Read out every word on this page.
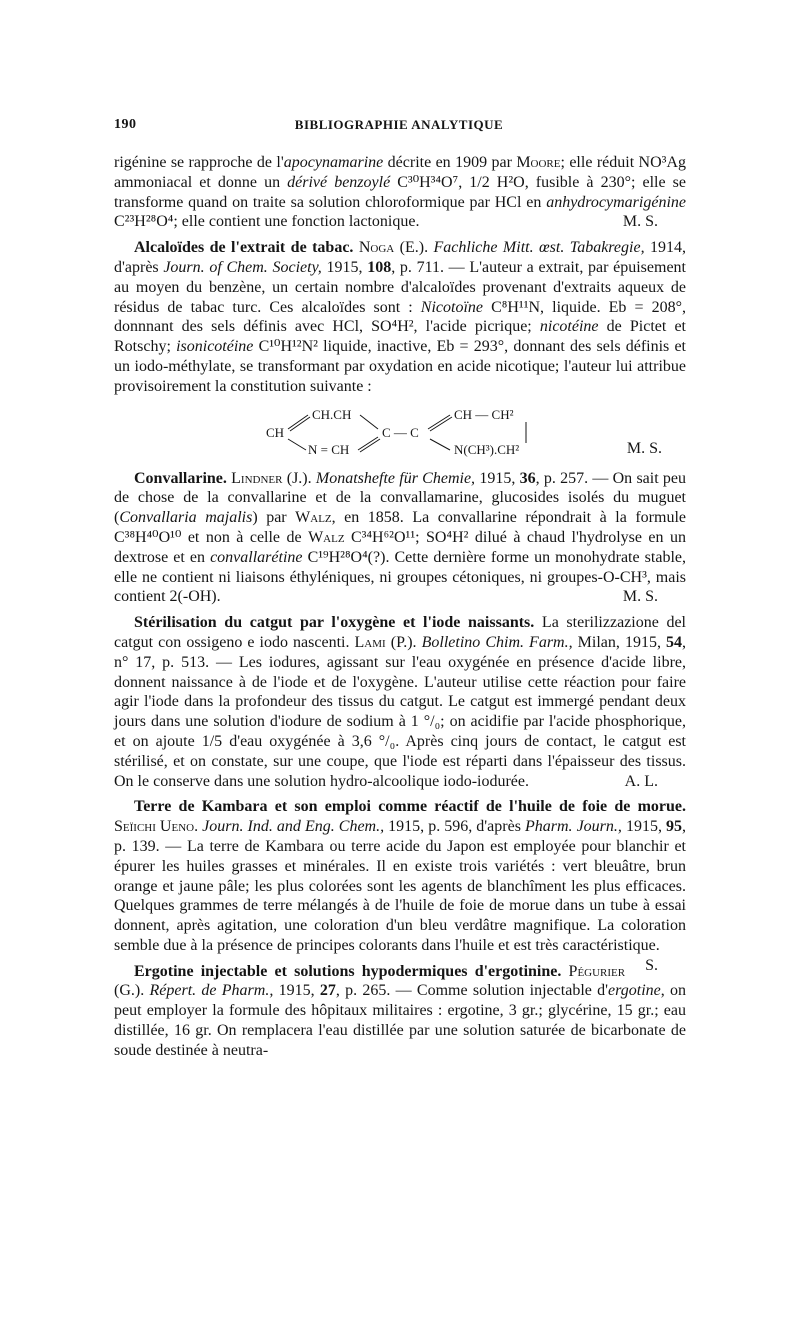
190	BIBLIOGRAPHIE ANALYTIQUE

rigénine se rapproche de l'apocynamarine décrite en 1909 par Moore; elle réduit NO³Ag ammoniacal et donne un dérivé benzoylé C³⁰H³⁴O⁷, 1/2 H²O, fusible à 230°; elle se transforme quand on traite sa solution chloroformique par HCl en anhydrocymarigénine C²³H²⁸O⁴; elle contient une fonction lactonique.	M. S.

Alcaloïdes de l'extrait de tabac. Noga (E.). Fachliche Mitt. œst. Tabakregie, 1914, d'après Journ. of Chem. Society, 1915, 108, p. 711. — L'auteur a extrait, par épuisement au moyen du benzène, un certain nombre d'alcaloïdes provenant d'extraits aqueux de résidus de tabac turc. Ces alcaloïdes sont : Nicotoïne C⁸H¹¹N, liquide. Eb = 208°, donnnant des sels définis avec HCl, SO⁴H², l'acide picrique; nicotéine de Pictet et Rotschy; isonicotéine C¹⁰H¹²N² liquide, inactive, Eb = 293°, donnant des sels définis et un iodo-méthylate, se transformant par oxydation en acide nicotique; l'auteur lui attribue provisoirement la constitution suivante :

CH
CH.CH
N = CH
C — C
CH — CH²
N(CH³).CH²	M. S.

Convallarine. Lindner (J.). Monatshefte für Chemie, 1915, 36, p. 257. — On sait peu de chose de la convallarine et de la convallamarine, glucosides isolés du muguet (Convallaria majalis) par Walz, en 1858. La convallarine répondrait à la formule C³⁸H⁴⁰O¹⁰ et non à celle de Walz C³⁴H⁶²O¹¹; SO⁴H² dilué à chaud l'hydrolyse en un dextrose et en convallarétine C¹⁹H²⁸O⁴(?). Cette dernière forme un monohydrate stable, elle ne contient ni liaisons éthyléniques, ni groupes cétoniques, ni groupes-O-CH³, mais contient 2(-OH).	M. S.

Stérilisation du catgut par l'oxygène et l'iode naissants. La sterilizzazione del catgut con ossigeno e iodo nascenti. Lami (P.). Bolletino Chim. Farm., Milan, 1915, 54, n° 17, p. 513. — Les iodures, agissant sur l'eau oxygénée en présence d'acide libre, donnent naissance à de l'iode et de l'oxygène. L'auteur utilise cette réaction pour faire agir l'iode dans la profondeur des tissus du catgut. Le catgut est immergé pendant deux jours dans une solution d'iodure de sodium à 1 °/₀; on acidifie par l'acide phosphorique, et on ajoute 1/5 d'eau oxygénée à 3,6 °/₀. Après cinq jours de contact, le catgut est stérilisé, et on constate, sur une coupe, que l'iode est réparti dans l'épaisseur des tissus. On le conserve dans une solution hydro-alcoolique iodo-iodurée.	A. L.

Terre de Kambara et son emploi comme réactif de l'huile de foie de morue. Seïichi Ueno. Journ. Ind. and Eng. Chem., 1915, p. 596, d'après Pharm. Journ., 1915, 95, p. 139. — La terre de Kambara ou terre acide du Japon est employée pour blanchir et épurer les huiles grasses et minérales. Il en existe trois variétés : vert bleuâtre, brun orange et jaune pâle; les plus colorées sont les agents de blanchîment les plus efficaces. Quelques grammes de terre mélangés à de l'huile de foie de morue dans un tube à essai donnent, après agitation, une coloration d'un bleu verdâtre magnifique. La coloration semble due à la présence de principes colorants dans l'huile et est très caractéristique.
S.

Ergotine injectable et solutions hypodermiques d'ergotinine. Pégurier (G.). Répert. de Pharm., 1915, 27, p. 265. — Comme solution injectable d'ergotine, on peut employer la formule des hôpitaux militaires : ergotine, 3 gr.; glycérine, 15 gr.; eau distillée, 16 gr. On remplacera l'eau distillée par une solution saturée de bicarbonate de soude destinée à neutra-
